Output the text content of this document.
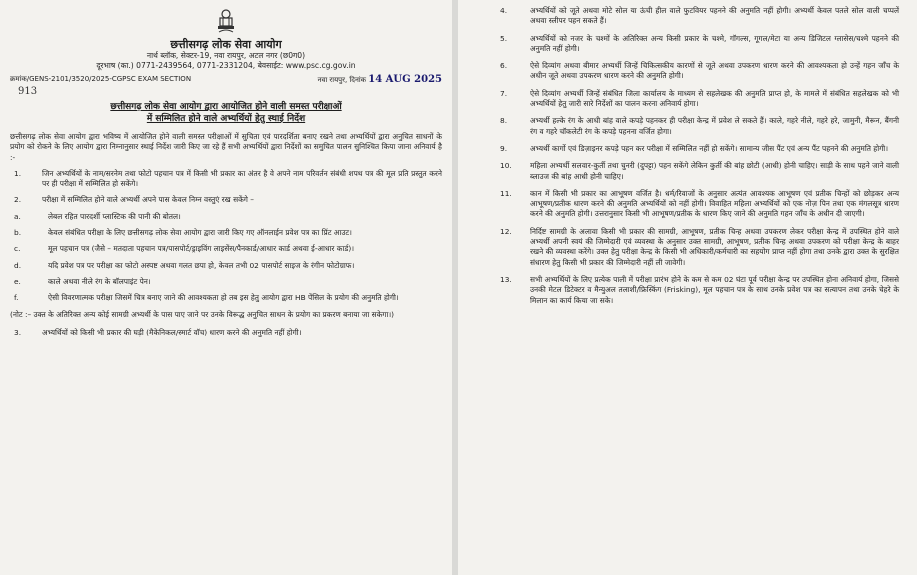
छत्तीसगढ़ लोक सेवा आयोग
नार्थ ब्लॉक, सेक्टर-19, नवा रायपुर, अटल नगर (छ0ग0)
दूरभाष (का.) 0771-2439564, 0771-2331204, बेवसाईट: www.psc.cg.gov.in
क्रमांक/GENS-2101/3520/2025-CGPSC EXAM SECTION	नवा रायपुर, दिनांक 14 AUG 2025
913
छत्तीसगढ़ लोक सेवा आयोग द्वारा आयोजित होने वाली समस्त परीक्षाओं
में सम्मिलित होने वाले अभ्यर्थियों हेतु स्थाई निर्देश
छत्तीसगढ़ लोक सेवा आयोग द्वारा भविष्य में आयोजित होने वाली समस्त परीक्षाओं में सुचिता एवं पारदर्शिता बनाए रखने तथा अभ्यर्थियों द्वारा अनुचित साधनों के प्रयोग को रोकने के लिए आयोग द्वारा निम्नानुसार स्थाई निर्देश जारी किए जा रहे हैं सभी अभ्यर्थियों द्वारा निर्देशों का समुचित पालन सुनिश्चित किया जाना अनिवार्य है :-
1.	जिन अभ्यर्थियों के नाम/सरनेम तथा फोटो पहचान पत्र में किसी भी प्रकार का अंतर है वे अपने नाम परिवर्तन संबंधी शपथ पत्र की मूल प्रति प्रस्तुत करने पर ही परीक्षा में सम्मिलित हो सकेंगे।
2.	परीक्षा में सम्मिलित होने वाले अभ्यर्थी अपने पास केवल निम्न वस्तुएं रख सकेंगे –
a.	लेबल रहित पारदर्शी प्लास्टिक की पानी की बोतल।
b.	केवल संबंधित परीक्षा के लिए छत्तीसगढ़ लोक सेवा आयोग द्वारा जारी किए गए ऑनलाईन प्रवेश पत्र का प्रिंट आउट।
c.	मूल पहचान पत्र (जैसे – मतदाता पहचान पत्र/पासपोर्ट/ड्राइविंग लाइसेंस/पैनकार्ड/आधार कार्ड अथवा ई-आधार कार्ड)।
d.	यदि प्रवेश पत्र पर परीक्षा का फोटो अस्पष्ट अथवा गलत छपा हो, केवल तभी 02 पासपोर्ट साइज के रंगीन फोटोग्राफ।
e.	काले अथवा नीले रंग के बॉलपाइंट पेन।
f.	ऐसी विवरणात्मक परीक्षा जिसमें चित्र बनाए जाने की आवश्यकता हो तब इस हेतु आयोग द्वारा HB पेंसिल के प्रयोग की अनुमति होगी।
(नोट :– उक्त के अतिरिक्त अन्य कोई सामग्री अभ्यर्थी के पास पाए जाने पर उनके विरूद्ध अनुचित साधन के प्रयोग का प्रकरण बनाया जा सकेगा।)
3.	अभ्यर्थियों को किसी भी प्रकार की घड़ी (मैकेनिकल/स्मार्ट वॉच) धारण करने की अनुमति नहीं होगी।
4.	अभ्यर्थियों को जूते अथवा मोटे सोल या ऊंची हील वाले फुटवियर पहनने की अनुमति नहीं होगी। अभ्यर्थी केवल पतले सोल वाली चप्पलें अथवा स्लीपर पहन सकते हैं।
5.	अभ्यर्थियों को नजर के चश्मों के अतिरिक्त अन्य किसी प्रकार के चश्मे, गॉगल्स, गूगल/मेटा या अन्य डिजिटल ग्लासेस/चश्मे पहनने की अनुमति नहीं होगी।
6.	ऐसे दिव्यांग अथवा बीमार अभ्यर्थी जिन्हें चिकित्सकीय कारणों से जूते अथवा उपकरण धारण करने की आवश्यकता हो उन्हें गहन जाँच के अधीन जूते अथवा उपकरण धारण करने की अनुमति होगी।
7.	ऐसे दिव्यांग अभ्यर्थी जिन्हें संबंधित जिला कार्यालय के माध्यम से सहलेखक की अनुमति प्राप्त हो, के मामले में संबंधित सहलेखक को भी अभ्यर्थियों हेतु जारी सारे निर्देशों का पालन करना अनिवार्य होगा।
8.	अभ्यर्थी हल्के रंग के आधी बांह वाले कपड़े पहनकर ही परीक्षा केन्द्र में प्रवेश ले सकते हैं। काले, गहरे नीले, गहरे हरे, जामुनी, मैरून, बैंगनी रंग व गहरे चॉकलेटी रंग के कपड़े पहनना वर्जित होगा।
9.	अभ्यर्थी कार्गो एवं डिज़ाइनर कपड़े पहन कर परीक्षा में सम्मिलित नहीं हो सकेंगे। सामान्य जीस पैंट एवं अन्य पैंट पहनने की अनुमति होगी।
10.	महिला अभ्यर्थी सलवार-कुर्ती तथा चुनरी (दुपट्टा) पहन सकेंगे लेकिन कुर्ती की बांह छोटी (आधी) होनी चाहिए। साड़ी के साथ पहने जाने वाली ब्लाउज की बांह आधी होनी चाहिए।
11.	कान में किसी भी प्रकार का आभूषण वर्जित है। धर्म/रिवाजों के अनुसार अत्यंत आवश्यक आभूषण एवं प्रतीक चिन्हों को छोड़कर अन्य आभूषण/प्रतीक धारण करने की अनुमति अभ्यर्थियों को नहीं होगी। विवाहित महिला अभ्यर्थियों को एक नोज़ पिन तथा एक मंगलसूत्र धारण करने की अनुमति होगी। उत्तरानुसार किसी भी आभूषण/प्रतीक के धारण किए जाने की अनुमति गहन जाँच के अधीन दी जाएगी।
12.	निर्दिष्ट सामग्री के अलावा किसी भी प्रकार की सामग्री, आभूषण, प्रतीक चिन्ह अथवा उपकरण लेकर परीक्षा केन्द्र में उपस्थित होने वाले अभ्यर्थी अपनी स्वयं की जिम्मेदारी एवं व्यवस्था के अनुसार उक्त सामग्री, आभूषण, प्रतीक चिन्ह अथवा उपकरण को परीक्षा केन्द्र के बाहर रखने की व्यवस्था करेंगे। उक्त हेतु परीक्षा केन्द्र के किसी भी अधिकारी/कर्मचारी का सहयोग प्राप्त नहीं होगा तथा उनके द्वारा उक्त के सुरक्षित संधारण हेतु किसी भी प्रकार की जिम्मेदारी नहीं ली जावेगी।
13.	सभी अभ्यर्थियों के लिए प्रत्येक पाली में परीक्षा प्रारंभ होने के कम से कम 02 घंटा पूर्व परीक्षा केन्द्र पर उपस्थित होना अनिवार्य होगा, जिससे उनकी मेटल डिटेक्टर व मैन्युअल तलाशी/फ्रिस्किंग (Frisking), मूल पहचान पत्र के साथ उनके प्रवेश पत्र का सत्यापन तथा उनके चेहरे के मिलान का कार्य किया जा सके।
